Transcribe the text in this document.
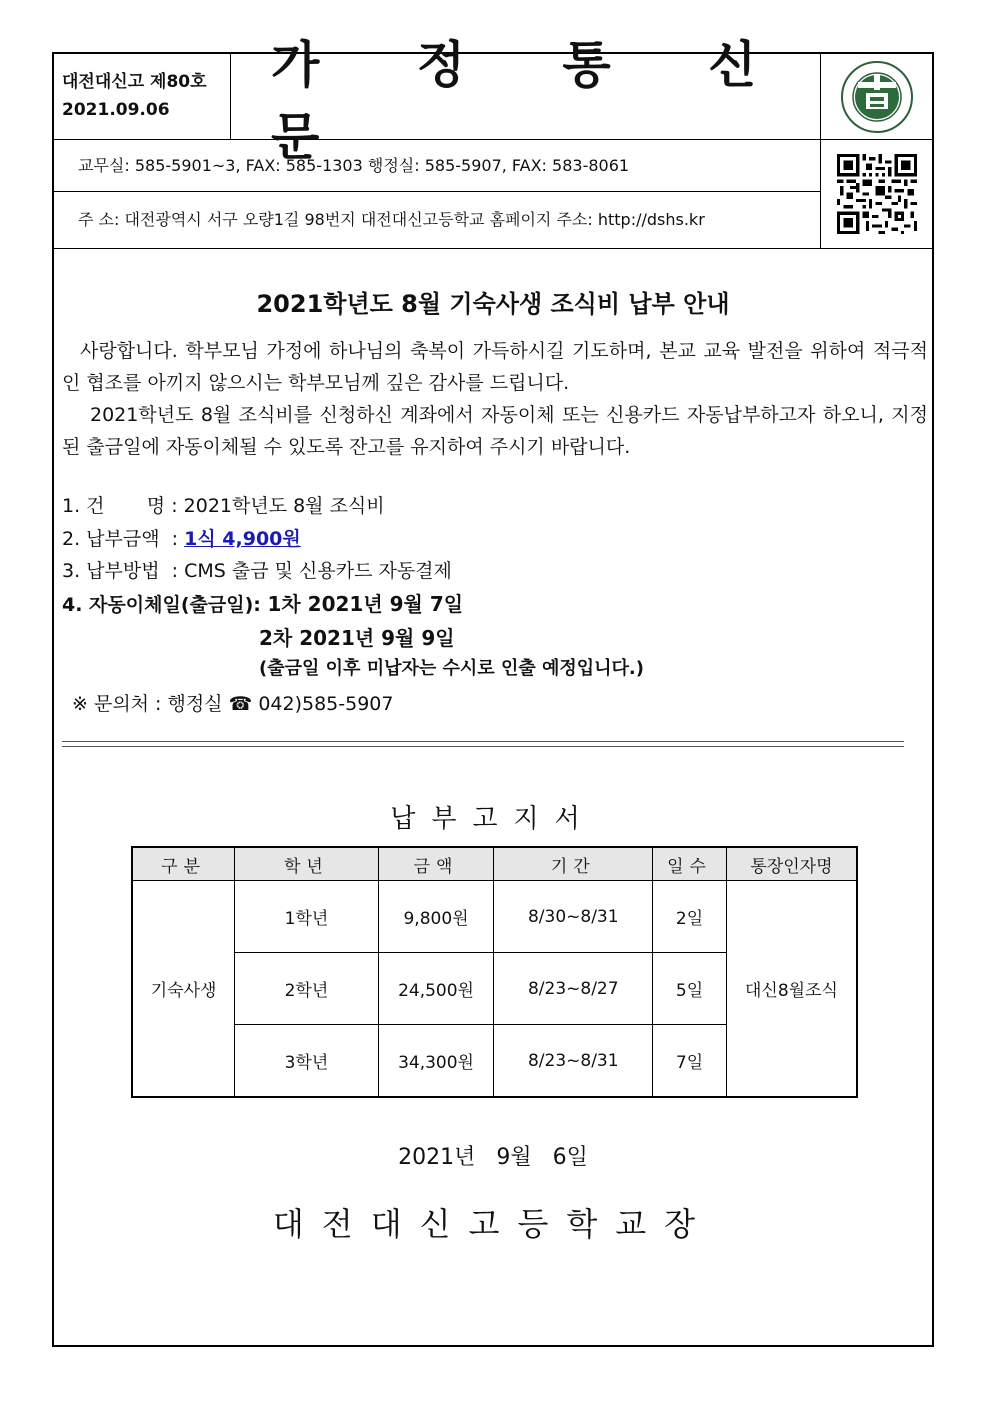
대전대신고 제80호
2021.09.06
가 정 통 신 문
교무실: 585-5901~3, FAX: 585-1303 행정실: 585-5907, FAX: 583-8061
주 소: 대전광역시 서구 오량1길 98번지 대전대신고등학교 홈페이지 주소: http://dshs.kr
2021학년도 8월 기숙사생 조식비 납부 안내
사랑합니다. 학부모님 가정에 하나님의 축복이 가득하시길 기도하며, 본교 교육 발전을 위하여 적극적인 협조를 아끼지 않으시는 학부모님께 깊은 감사를 드립니다.
2021학년도 8월 조식비를 신청하신 계좌에서 자동이체 또는 신용카드 자동납부하고자 하오니, 지정된 출금일에 자동이체될 수 있도록 잔고를 유지하여 주시기 바랍니다.
1. 건       명 : 2021학년도 8월 조식비
2. 납부금액  : 1식 4,900원
3. 납부방법  : CMS 출금 및 신용카드 자동결제
4. 자동이체일(출금일): 1차 2021년 9월 7일
2차 2021년 9월 9일
(출금일 이후 미납자는 수시로 인출 예정입니다.)
※ 문의처 : 행정실 ☎ 042)585-5907
납부고지서
구분	학년	금액	기간	일수	통장인자명
기숙사생	1학년	9,800원	8/30~8/31	2일	대신8월조식
	2학년	24,500원	8/23~8/27	5일	
	3학년	34,300원	8/23~8/31	7일	
2021년 9월 6일
대전대신고등학교장
